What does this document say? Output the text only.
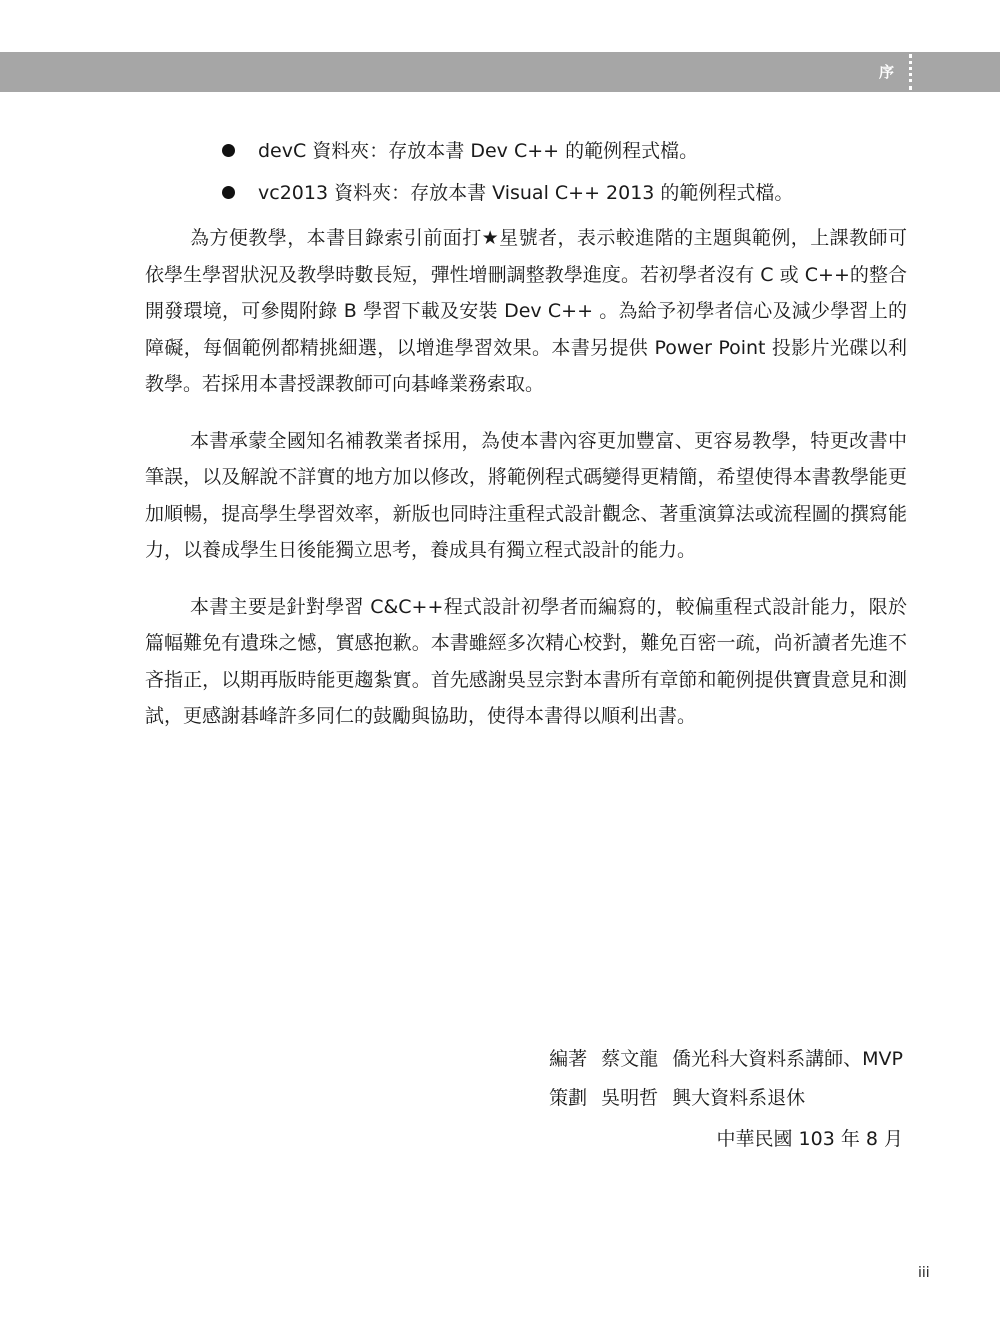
序
devC 資料夾：存放本書 Dev C++ 的範例程式檔。
vc2013 資料夾：存放本書 Visual C++ 2013 的範例程式檔。

為方便教學，本書目錄索引前面打★星號者，表示較進階的主題與範例，上課教師可依學生學習狀況及教學時數長短，彈性增刪調整教學進度。若初學者沒有 C 或 C++的整合開發環境，可參閱附錄 B 學習下載及安裝 Dev C++ 。為給予初學者信心及減少學習上的障礙，每個範例都精挑細選，以增進學習效果。本書另提供 Power Point 投影片光碟以利教學。若採用本書授課教師可向碁峰業務索取。

本書承蒙全國知名補教業者採用，為使本書內容更加豐富、更容易教學，特更改書中筆誤，以及解說不詳實的地方加以修改，將範例程式碼變得更精簡，希望使得本書教學能更加順暢，提高學生學習效率，新版也同時注重程式設計觀念、著重演算法或流程圖的撰寫能力，以養成學生日後能獨立思考，養成具有獨立程式設計的能力。

本書主要是針對學習 C&C++程式設計初學者而編寫的，較偏重程式設計能力，限於篇幅難免有遺珠之憾，實感抱歉。本書雖經多次精心校對，難免百密一疏，尚祈讀者先進不吝指正，以期再版時能更趨紮實。首先感謝吳昱宗對本書所有章節和範例提供寶貴意見和測試，更感謝碁峰許多同仁的鼓勵與協助，使得本書得以順利出書。

編著 蔡文龍 僑光科大資料系講師、MVP
策劃 吳明哲 興大資料系退休
中華民國 103 年 8 月
iii
